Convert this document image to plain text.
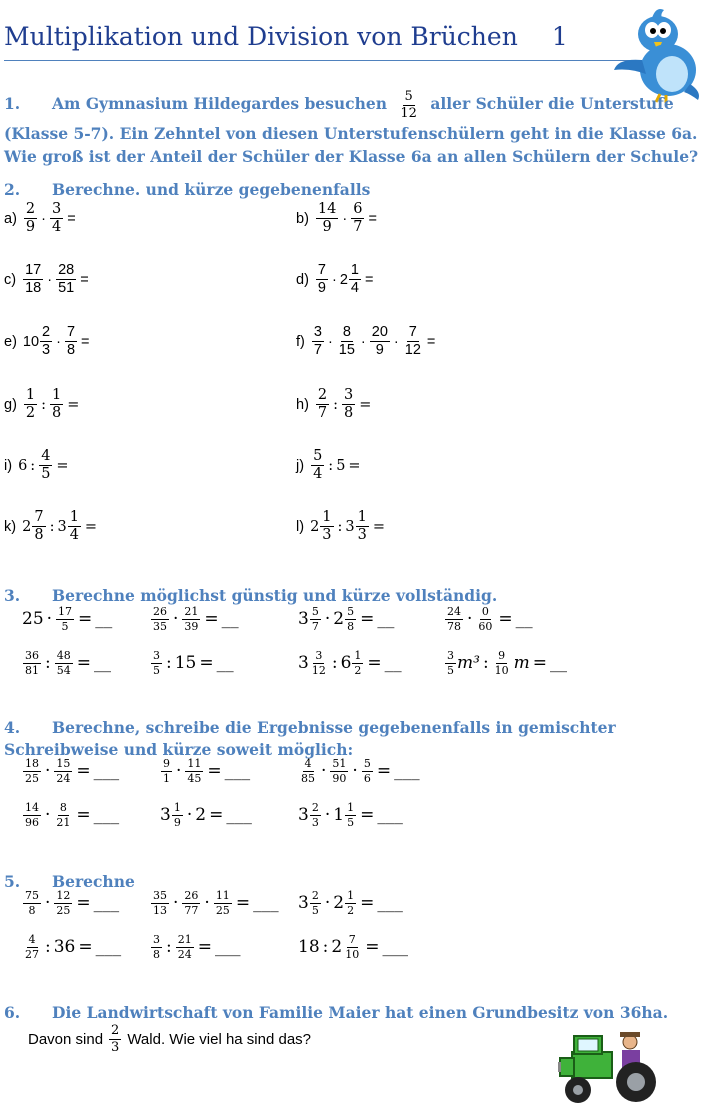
Multiplikation und Division von Brüchen 1
1. Am Gymnasium Hildegardes besuchen $\frac{5}{12}$ aller Schüler die Unterstufe
(Klasse 5-7). Ein Zehntel von diesen Unterstufenschülern geht in die Klasse 6a.
Wie groß ist der Anteil der Schüler der Klasse 6a an allen Schülern der Schule?
2. Berechne. und kürze gegebenenfalls
$a) \frac{2}{9} \cdot \frac{3}{4}$ =	$b) \frac{14}{9} \cdot \frac{6}{7}$ =
$c) \frac{17}{18} \cdot \frac{28}{51}$ =	$d) \frac{7}{9} \cdot 2 \frac{1}{4}$ =
e) $10 \frac{2}{3} \cdot \frac{7}{8}$ =	$f) \frac{3}{7} \cdot \frac{8}{15} \cdot \frac{20}{9} \cdot \frac{7}{12}$ =
$g) \frac{1}{2}$ : $\frac{1}{8}$ =	$h) \frac{2}{7}$ : $\frac{3}{8}$ =
i) 6 : $\frac{4}{5}$ =	$j) \frac{5}{4}$ : 5 =
k) $2 \frac{7}{8}$ : $3 \frac{1}{4}$ =	l) $2 \frac{1}{3}$ : $3 \frac{1}{3}$ =
3. Berechne möglichst günstig und kürze vollständig.
$25 \cdot \frac{17}{5}$ = __	$\frac{26}{35} \cdot \frac{21}{39}$ = __	$3 \frac{5}{7} \cdot 2 \frac{5}{8}$ = __	$\frac{24}{78} \cdot \frac{0}{60}$ = __
$\frac{36}{81}$ : $\frac{48}{54}$ = __	$\frac{3}{5}$ : 15 = __	$3 \frac{3}{12}$ : $6 \frac{1}{2}$ = __	$\frac{3}{5} m^3$ : $\frac{9}{10}$ m = __
4. Berechne, schreibe die Ergebnisse gegebenenfalls in gemischter
Schreibweise und kürze soweit möglich:
$\frac{18}{25} \cdot \frac{15}{24}$ = ___	$\frac{9}{1} \cdot \frac{11}{45}$ = ___	$\frac{4}{85} \cdot \frac{51}{90} \cdot \frac{5}{6}$ = ___
$\frac{14}{96} \cdot \frac{8}{21}$ = ___ $3 \frac{1}{9} \cdot 2$ = ___	$3 \frac{2}{3} \cdot 1 \frac{1}{5}$ = ___
5. Berechne
$\frac{75}{8} \cdot \frac{12}{25}$ = ___	$\frac{35}{13} \cdot \frac{26}{77} \cdot \frac{11}{25}$ = ___ $3 \frac{2}{5} \cdot 2 \frac{1}{2}$ = ___
$\frac{4}{27}$ : 36 = ___	$\frac{3}{8}$ : $\frac{21}{24}$ = ___	18 : $2 \frac{7}{10}$ = ___
6. Die Landwirtschaft von Familie Maier hat einen Grundbesitz von 36ha.
Davon sind $\frac{2}{3}$ Wald. Wie viel ha sind das?
